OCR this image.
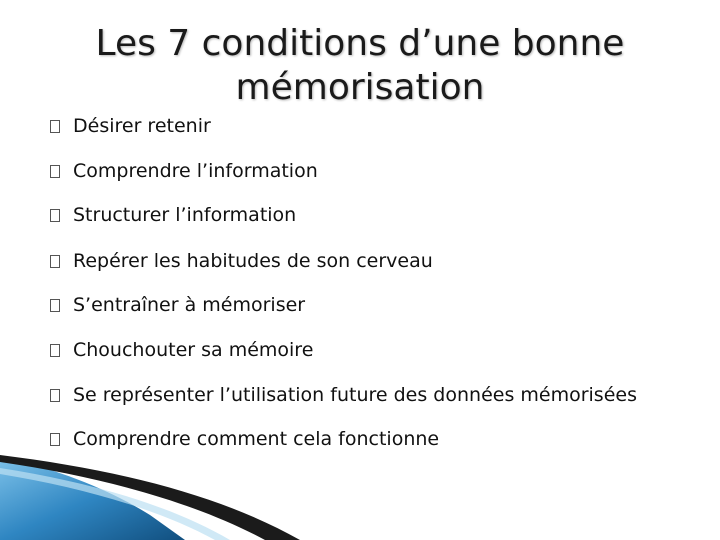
Les 7 conditions d’une bonne
mémorisation
Désirer retenir
Comprendre l’information
Structurer l’information
Repérer les habitudes de son cerveau
S’entraîner à mémoriser
Chouchouter sa mémoire
Se représenter l’utilisation future des données mémorisées
Comprendre comment cela fonctionne
